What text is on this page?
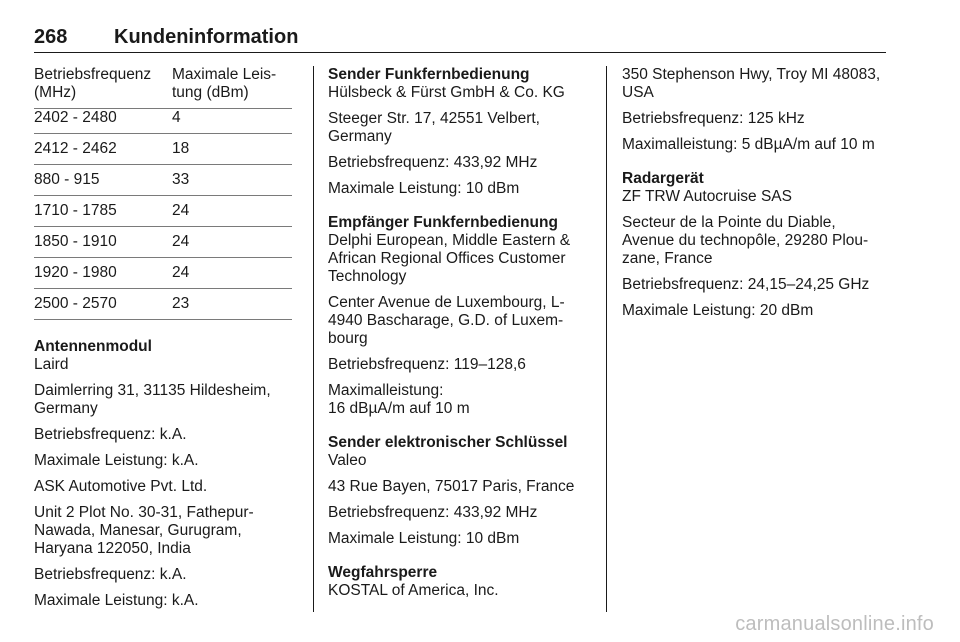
268 Kundeninformation
Betriebsfrequenz (MHz)	Maximale Leis-tung (dBm)
2402 - 2480	4
2412 - 2462	18
880 - 915	33
1710 - 1785	24
1850 - 1910	24
1920 - 1980	24
2500 - 2570	23

Antennenmodul

Laird

Daimlerring 31, 31135 Hildesheim, Germany

Betriebsfrequenz: k.A.

Maximale Leistung: k.A.

ASK Automotive Pvt. Ltd.

Unit 2 Plot No. 30-31, Fathepur-Nawada, Manesar, Gurugram, Haryana 122050, India

Betriebsfrequenz: k.A.

Maximale Leistung: k.A.

Sender Funkfernbedienung

Hülsbeck & Fürst GmbH & Co. KG

Steeger Str. 17, 42551 Velbert, Germany

Betriebsfrequenz: 433,92 MHz

Maximale Leistung: 10 dBm

Empfänger Funkfernbedienung

Delphi European, Middle Eastern & African Regional Offices Customer Technology

Center Avenue de Luxembourg, L-4940 Bascharage, G.D. of Luxem-bourg

Betriebsfrequenz: 119–128,6

Maximalleistung:
16 dBµA/m auf 10 m

Sender elektronischer Schlüssel

Valeo

43 Rue Bayen, 75017 Paris, France

Betriebsfrequenz: 433,92 MHz

Maximale Leistung: 10 dBm

Wegfahrsperre

KOSTAL of America, Inc.

350 Stephenson Hwy, Troy MI 48083, USA

Betriebsfrequenz: 125 kHz

Maximalleistung: 5 dBµA/m auf 10 m

Radargerät

ZF TRW Autocruise SAS

Secteur de la Pointe du Diable, Avenue du technopôle, 29280 Plou-zane, France

Betriebsfrequenz: 24,15–24,25 GHz

Maximale Leistung: 20 dBm

carmanualsonline.info
